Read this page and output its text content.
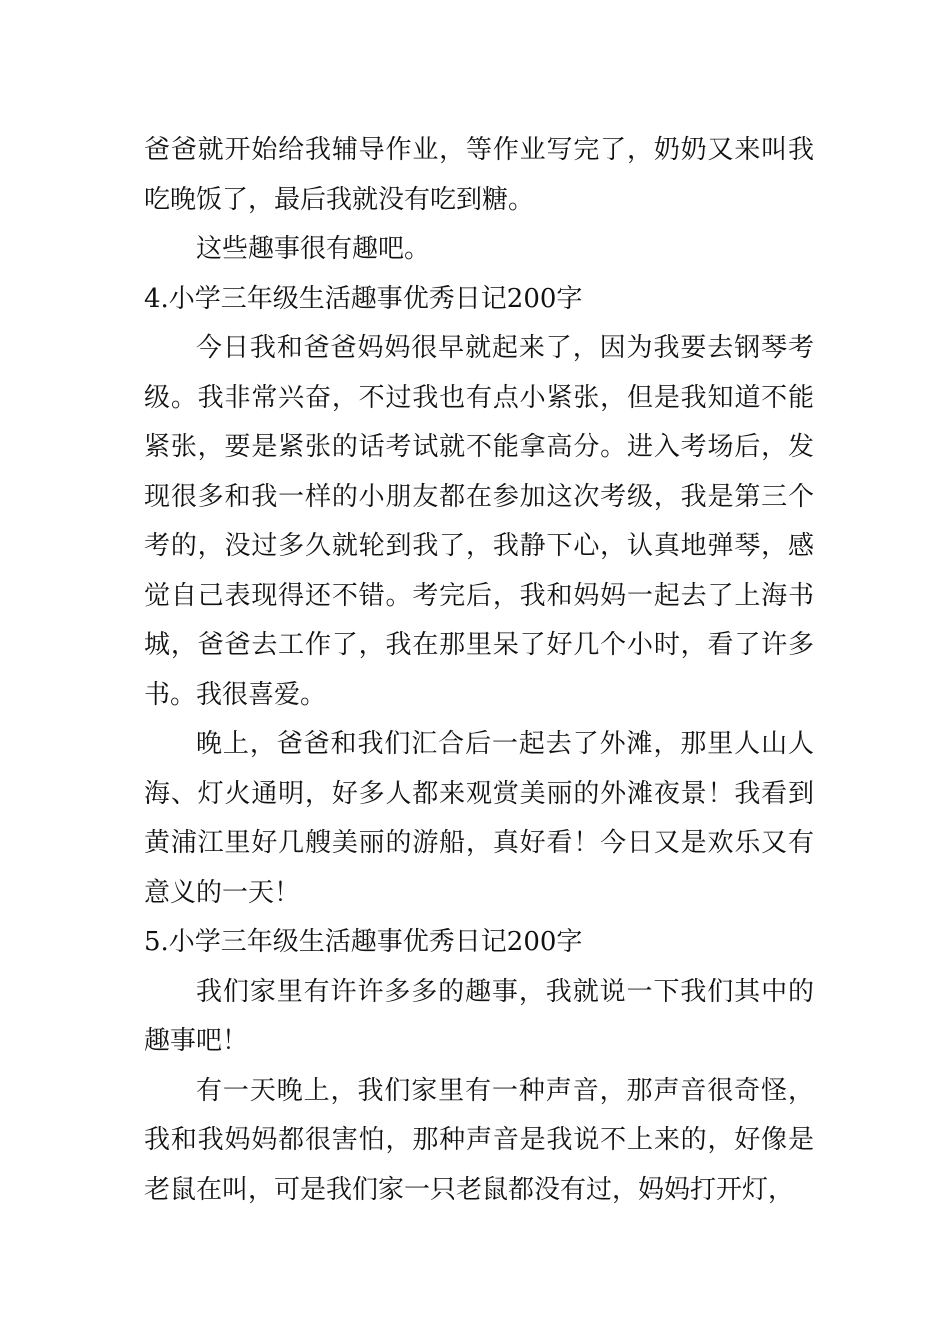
爸爸就开始给我辅导作业，等作业写完了，奶奶又来叫我吃晚饭了，最后我就没有吃到糖。

这些趣事很有趣吧。

4.小学三年级生活趣事优秀日记200字

今日我和爸爸妈妈很早就起来了，因为我要去钢琴考级。我非常兴奋，不过我也有点小紧张，但是我知道不能紧张，要是紧张的话考试就不能拿高分。进入考场后，发现很多和我一样的小朋友都在参加这次考级，我是第三个考的，没过多久就轮到我了，我静下心，认真地弹琴，感觉自己表现得还不错。考完后，我和妈妈一起去了上海书城，爸爸去工作了，我在那里呆了好几个小时，看了许多书。我很喜爱。

晚上，爸爸和我们汇合后一起去了外滩，那里人山人海、灯火通明，好多人都来观赏美丽的外滩夜景！我看到黄浦江里好几艘美丽的游船，真好看！今日又是欢乐又有意义的一天！

5.小学三年级生活趣事优秀日记200字

我们家里有许许多多的趣事，我就说一下我们其中的趣事吧！

有一天晚上，我们家里有一种声音，那声音很奇怪，我和我妈妈都很害怕，那种声音是我说不上来的，好像是老鼠在叫，可是我们家一只老鼠都没有过，妈妈打开灯，
